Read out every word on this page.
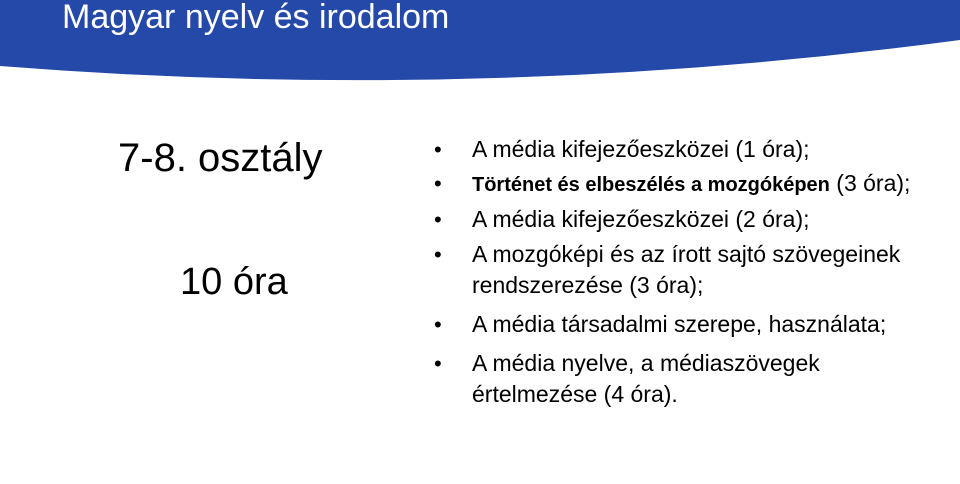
Magyar nyelv és irodalom
7-8. osztály
10 óra
• A média kifejezőeszközei (1 óra);
• Történet és elbeszélés a mozgóképen (3 óra);
• A média kifejezőeszközei (2 óra);
• A mozgóképi és az írott sajtó szövegeinek rendszerezése (3 óra);
• A média társadalmi szerepe, használata;
• A média nyelve, a médiaszövegek értelmezése (4 óra).
